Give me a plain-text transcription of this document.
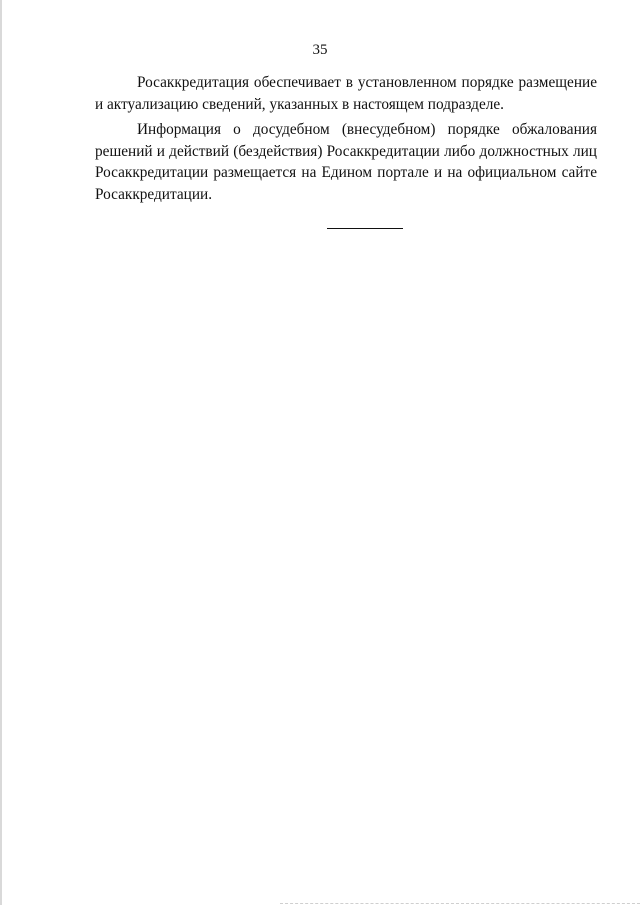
35

Росаккредитация обеспечивает в установленном порядке размещение
и актуализацию сведений, указанных в настоящем подразделе.

Информация о досудебном (внесудебном) порядке обжалования
решений и действий (бездействия) Росаккредитации либо должностных лиц
Росаккредитации размещается на Едином портале и на официальном сайте
Росаккредитации.
